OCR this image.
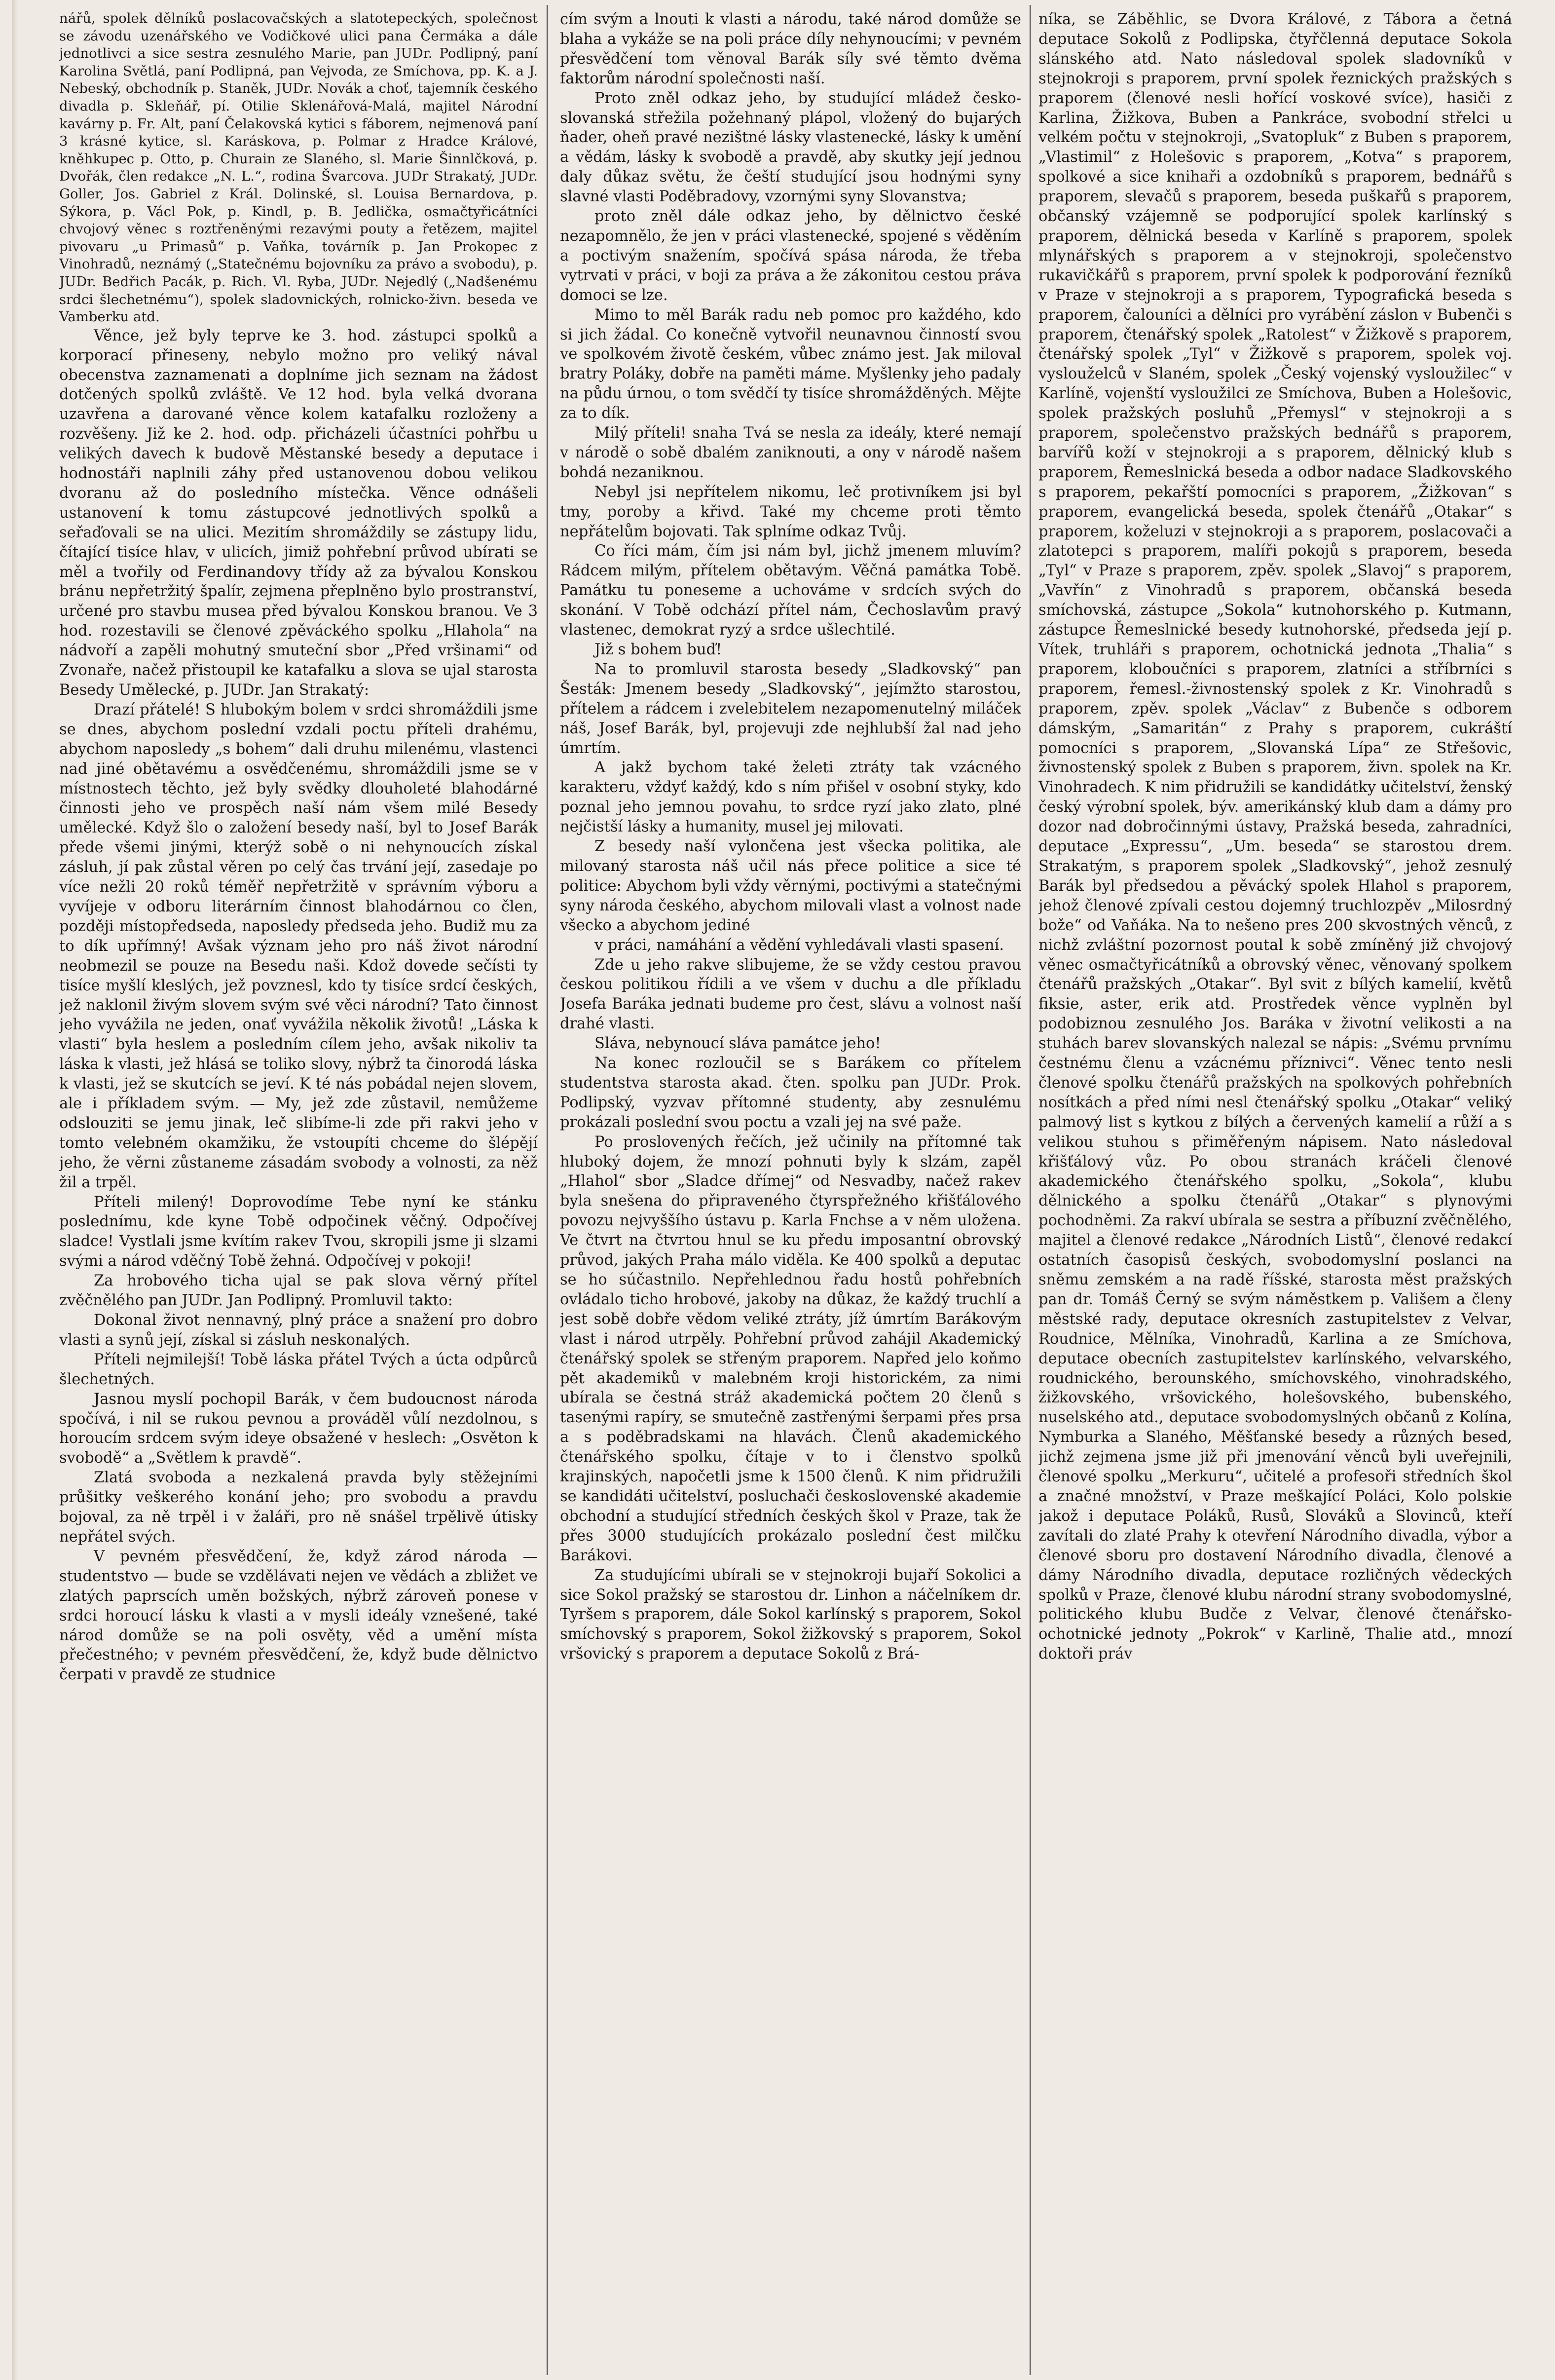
nářů, spolek dělníků poslacovačských a slatotepeckých, společnost se závodu uzenářského ve Vodičkové ulici pana Čermáka a dále jednotlivci a sice sestra zesnulého Marie, pan JUDr. Podlipný, paní Karolina Světlá, paní Podlipná, pan Vejvoda, ze Smíchova, pp. K. a J. Nebeský, obchodník p. Staněk, JUDr. Novák a choť, tajemník českého divadla p. Skleňář, pí. Otilie Sklenářová-Malá, majitel Národní kavárny p. Fr. Alt, paní Čelakovská kytici s fáborem, nejmenová paní 3 krásné kytice, sl. Karáskova, p. Polmar z Hradce Králové, kněhkupec p. Otto, p. Churain ze Slaného, sl. Marie Šinnlčková, p. Dvořák, člen redakce „N. L.“, rodina Švarcova. JUDr Strakatý, JUDr. Goller, Jos. Gabriel z Král. Dolinské, sl. Louisa Bernardova, p. Sýkora, p. Václ Pok, p. Kindl, p. B. Jedlička, osmačtyřicátníci chvojový věnec s roztřeněnými rezavými pouty a řetězem, majitel pivovaru „u Primasů“ p. Vaňka, továrník p. Jan Prokopec z Vinohradů, neznámý („Statečnému bojovníku za právo a svobodu), p. JUDr. Bedřich Pacák, p. Rich. Vl. Ryba, JUDr. Nejedlý („Nadšenému srdci šlechetnému“), spolek sladovnických, rolnicko-živn. beseda ve Vamberku atd.

Věnce, jež byly teprve ke 3. hod. zástupci spolků a korporací přineseny, nebylo možno pro veliký nával obecenstva zaznamenati a doplníme jich seznam na žádost dotčených spolků zvláště. Ve 12 hod. byla velká dvorana uzavřena a darované věnce kolem katafalku rozloženy a rozvěšeny. Již ke 2. hod. odp. přicházeli účastníci pohřbu u velikých davech k budově Městanské besedy a deputace i hodnostáři naplnili záhy před ustanovenou dobou velikou dvoranu až do posledního místečka. Věnce odnášeli ustanovení k tomu zástupcové jednotlivých spolků a seřaďovali se na ulici. Mezitím shromáždily se zástupy lidu, čítající tisíce hlav, v ulicích, jimiž pohřební průvod ubírati se měl a tvořily od Ferdinandovy třídy až za bývalou Konskou bránu nepřetržitý špalír, zejmena přeplněno bylo prostranství, určené pro stavbu musea před bývalou Konskou branou. Ve 3 hod. rozestavili se členové zpěváckého spolku „Hlahola“ na nádvoří a zapěli mohutný smuteční sbor „Před vršinami“ od Zvonaře, načež přistoupil ke katafalku a slova se ujal starosta Besedy Umělecké, p. JUDr. Jan Strakatý:

Drazí přátelé! S hlubokým bolem v srdci shromáždili jsme se dnes, abychom poslední vzdali poctu příteli drahému, abychom naposledy „s bohem“ dali druhu milenému, vlastenci nad jiné obětavému a osvědčenému, shromáždili jsme se v místnostech těchto, jež byly svědky dlouholeté blahodárné činnosti jeho ve prospěch naší nám všem milé Besedy umělecké. Když šlo o založení besedy naší, byl to Josef Barák přede všemi jinými, kterýž sobě o ni nehynoucích získal zásluh, jí pak zůstal věren po celý čas trvání její, zasedaje po více nežli 20 roků téměř nepřetržitě v správním výboru a vyvíjeje v odboru literárním činnost blahodárnou co člen, později místopředseda, naposledy předseda jeho. Budiž mu za to dík upřímný! Avšak význam jeho pro náš život národní neobmezil se pouze na Besedu naši. Kdož dovede sečísti ty tisíce myšlí kleslých, jež povznesl, kdo ty tisíce srdcí českých, jež naklonil živým slovem svým své věci národní? Tato činnost jeho vyvážila ne jeden, onať vyvážila několik životů! „Láska k vlasti“ byla heslem a posledním cílem jeho, avšak nikoliv ta láska k vlasti, jež hlásá se toliko slovy, nýbrž ta činorodá láska k vlasti, jež se skutcích se jeví. K té nás pobádal nejen slovem, ale i příkladem svým. — My, jež zde zůstavil, nemůžeme odslouziti se jemu jinak, leč slibíme-li zde při rakvi jeho v tomto velebném okamžiku, že vstoupíti chceme do šlépějí jeho, že věrni zůstaneme zásadám svobody a volnosti, za něž žil a trpěl.

Příteli milený! Doprovodíme Tebe nyní ke stánku poslednímu, kde kyne Tobě odpočinek věčný. Odpočívej sladce! Vystlali jsme kvítím rakev Tvou, skropili jsme ji slzami svými a národ vděčný Tobě žehná. Odpočívej v pokoji!

Za hrobového ticha ujal se pak slova věrný přítel zvěčnělého pan JUDr. Jan Podlipný. Promluvil takto:

Dokonal život nennavný, plný práce a snažení pro dobro vlasti a synů její, získal si zásluh neskonalých.

Příteli nejmilejší! Tobě láska přátel Tvých a úcta odpůrců šlechetných.

Jasnou myslí pochopil Barák, v čem budoucnost národa spočívá, i nil se rukou pevnou a prováděl vůlí nezdolnou, s horoucím srdcem svým ideye obsažené v heslech: „Osvěton k svobodě“ a „Světlem k pravdě“.

Zlatá svoboda a nezkalená pravda byly stěžejními průšitky veškerého konání jeho; pro svobodu a pravdu bojoval, za ně trpěl i v žaláři, pro ně snášel trpělivě útisky nepřátel svých.

V pevném přesvědčení, že, když zárod národa — studentstvo — bude se vzdělávati nejen ve vědách a zbližet ve zlatých paprscích uměn božských, nýbrž zároveň ponese v srdci horoucí lásku k vlasti a v mysli ideály vznešené, také národ domůže se na poli osvěty, věd a umění místa přečestného; v pevném přesvědčení, že, když bude dělnictvo čerpati v pravdě ze studnice

cím svým a lnouti k vlasti a národu, také národ domůže se blaha a vykáže se na poli práce díly nehynoucími; v pevném přesvědčení tom věnoval Barák síly své těmto dvěma faktorům národní společnosti naší.

Proto zněl odkaz jeho, by studující mládež česko-slovanská střežila požehnaný plápol, vložený do bujarých ňader, oheň pravé nezištné lásky vlastenecké, lásky k umění a vědám, lásky k svobodě a pravdě, aby skutky její jednou daly důkaz světu, že čeští studující jsou hodnými syny slavné vlasti Poděbradovy, vzornými syny Slovanstva;

proto zněl dále odkaz jeho, by dělnictvo české nezapomnělo, že jen v práci vlastenecké, spojené s věděním a poctivým snažením, spočívá spása národa, že třeba vytrvati v práci, v boji za práva a že zákonitou cestou práva domoci se lze.

Mimo to měl Barák radu neb pomoc pro každého, kdo si jich žádal. Co konečně vytvořil neunavnou činností svou ve spolkovém životě českém, vůbec známo jest. Jak miloval bratry Poláky, dobře na paměti máme. Myšlenky jeho padaly na půdu úrnou, o tom svědčí ty tisíce shromážděných. Mějte za to dík.

Milý příteli! snaha Tvá se nesla za ideály, které nemají v národě o sobě dbalém zaniknouti, a ony v národě našem bohdá nezaniknou.

Nebyl jsi nepřítelem nikomu, leč protivníkem jsi byl tmy, poroby a křivd. Také my chceme proti těmto nepřátelům bojovati. Tak splníme odkaz Tvůj.

Co říci mám, čím jsi nám byl, jichž jmenem mluvím? Rádcem milým, přítelem obětavým. Věčná památka Tobě. Památku tu poneseme a uchováme v srdcích svých do skonání. V Tobě odchází přítel nám, Čechoslavům pravý vlastenec, demokrat ryzý a srdce ušlechtilé.

Již s bohem buď!

Na to promluvil starosta besedy „Sladkovský“ pan Šesták: Jmenem besedy „Sladkovský“, jejímžto starostou, přítelem a rádcem i zvelebitelem nezapomenutelný miláček náš, Josef Barák, byl, projevuji zde nejhlubší žal nad jeho úmrtím.

A jakž bychom také želeti ztráty tak vzácného karakteru, vždyť každý, kdo s ním přišel v osobní styky, kdo poznal jeho jemnou povahu, to srdce ryzí jako zlato, plné nejčistší lásky a humanity, musel jej milovati.

Z besedy naší vylončena jest všecka politika, ale milovaný starosta náš učil nás přece politice a sice té politice: Abychom byli vždy věrnými, poctivými a statečnými syny národa českého, abychom milovali vlast a volnost nade všecko a abychom jediné

v práci, namáhání a vědění vyhledávali vlasti spasení.

Zde u jeho rakve slibujeme, že se vždy cestou pravou českou politikou řídili a ve všem v duchu a dle příkladu Josefa Baráka jednati budeme pro čest, slávu a volnost naší drahé vlasti.

Sláva, nebynoucí sláva památce jeho!

Na konec rozloučil se s Barákem co přítelem studentstva starosta akad. čten. spolku pan JUDr. Prok. Podlipský, vyzvav přítomné studenty, aby zesnulému prokázali poslední svou poctu a vzali jej na své paže.

Po proslovených řečích, jež učinily na přítomné tak hluboký dojem, že mnozí pohnuti byly k slzám, zapěl „Hlahol“ sbor „Sladce dřímej“ od Nesvadby, načež rakev byla snešena do připraveného čtyrspřežného křišťálového povozu nejvyššího ústavu p. Karla Fnchse a v něm uložena. Ve čtvrt na čtvrtou hnul se ku předu imposantní obrovský průvod, jakých Praha málo viděla. Ke 400 spolků a deputac se ho súčastnilo. Nepřehlednou řadu hostů pohřebních ovládalo ticho hrobové, jakoby na důkaz, že každý truchlí a jest sobě dobře vědom veliké ztráty, jíž úmrtím Barákovým vlast i národ utrpěly. Pohřební průvod zahájil Akademický čtenářský spolek se střeným praporem. Napřed jelo koňmo pět akademiků v malebném kroji historickém, za nimi ubírala se čestná stráž akademická počtem 20 členů s tasenými rapíry, se smutečně zastřenými šerpami přes prsa a s poděbradskami na hlavách. Členů akademického čtenářského spolku, čítaje v to i členstvo spolků krajinských, napočetli jsme k 1500 členů. K nim přidružili se kandidáti učitelství, posluchači československé akademie obchodní a studující středních českých škol v Praze, tak že přes 3000 studujících prokázalo poslední čest milčku Barákovi.

Za studujícími ubírali se v stejnokroji bujaří Sokolici a sice Sokol pražský se starostou dr. Linhon a náčelníkem dr. Tyršem s praporem, dále Sokol karlínský s praporem, Sokol smíchovský s praporem, Sokol žižkovský s praporem, Sokol vršovický s praporem a deputace Sokolů z Brá-

níka, se Záběhlic, se Dvora Králové, z Tábora a četná deputace Sokolů z Podlipska, čtyřčlenná deputace Sokola slánského atd. Nato následoval spolek sladovníků v stejnokroji s praporem, první spolek řeznických pražských s praporem (členové nesli hořící voskové svíce), hasiči z Karlina, Žižkova, Buben a Pankráce, svobodní střelci u velkém počtu v stejnokroji, „Svatopluk“ z Buben s praporem, „Vlastimil“ z Holešovic s praporem, „Kotva“ s praporem, spolkové a sice knihaři a ozdobníků s praporem, bednářů s praporem, slevačů s praporem, beseda puškařů s praporem, občanský vzájemně se podporující spolek karlínský s praporem, dělnická beseda v Karlíně s praporem, spolek mlynářských s praporem a v stejnokroji, společenstvo rukavičkářů s praporem, první spolek k podporování řezníků v Praze v stejnokroji a s praporem, Typografická beseda s praporem, čalouníci a dělníci pro vyrábění záslon v Bubenči s praporem, čtenářský spolek „Ratolest“ v Žižkově s praporem, čtenářský spolek „Tyl“ v Žižkově s praporem, spolek voj. vyslouželců v Slaném, spolek „Český vojenský vysloužilec“ v Karlíně, vojenští vysloužilci ze Smíchova, Buben a Holešovic, spolek pražských posluhů „Přemysl“ v stejnokroji a s praporem, společenstvo pražských bednářů s praporem, barvířů koží v stejnokroji a s praporem, dělnický klub s praporem, Řemeslnická beseda a odbor nadace Sladkovského s praporem, pekařští pomocníci s praporem, „Žižkovan“ s praporem, evangelická beseda, spolek čtenářů „Otakar“ s praporem, koželuzi v stejnokroji a s praporem, poslacovači a zlatotepci s praporem, malíři pokojů s praporem, beseda „Tyl“ v Praze s praporem, zpěv. spolek „Slavoj“ s praporem, „Vavřín“ z Vinohradů s praporem, občanská beseda smíchovská, zástupce „Sokola“ kutnohorského p. Kutmann, zástupce Řemeslnické besedy kutnohorské, předseda její p. Vítek, truhláři s praporem, ochotnická jednota „Thalia“ s praporem, kloboučníci s praporem, zlatníci a stříbrníci s praporem, řemesl.-živnostenský spolek z Kr. Vinohradů s praporem, zpěv. spolek „Václav“ z Bubenče s odborem dámským, „Samaritán“ z Prahy s praporem, cukráští pomocníci s praporem, „Slovanská Lípa“ ze Střešovic, živnostenský spolek z Buben s praporem, živn. spolek na Kr. Vinohradech. K nim přidružili se kandidátky učitelství, ženský český výrobní spolek, býv. amerikánský klub dam a dámy pro dozor nad dobročinnými ústavy, Pražská beseda, zahradníci, deputace „Expressu“, „Um. beseda“ se starostou drem. Strakatým, s praporem spolek „Sladkovský“, jehož zesnulý Barák byl předsedou a pěvácký spolek Hlahol s praporem, jehož členové zpívali cestou dojemný truchlozpěv „Milosrdný bože“ od Vaňáka. Na to nešeno pres 200 skvostných věnců, z nichž zvláštní pozornost poutal k sobě zmíněný již chvojový věnec osmačtyřicátníků a obrovský věnec, věnovaný spolkem čtenářů pražských „Otakar“. Byl svit z bílých kamelií, květů fiksie, aster, erik atd. Prostředek věnce vyplněn byl podobiznou zesnulého Jos. Baráka v životní velikosti a na stuhách barev slovanských nalezal se nápis: „Svému prvnímu čestnému členu a vzácnému příznivci“. Věnec tento nesli členové spolku čtenářů pražských na spolkových pohřebních nosítkách a před ními nesl čtenářský spolku „Otakar“ veliký palmový list s kytkou z bílých a červených kamelií a růží a s velikou stuhou s přiměřeným nápisem. Nato následoval křišťálový vůz. Po obou stranách kráčeli členové akademického čtenářského spolku, „Sokola“, klubu dělnického a spolku čtenářů „Otakar“ s plynovými pochodněmi. Za rakví ubírala se sestra a příbuzní zvěčnělého, majitel a členové redakce „Národních Listů“, členové redakcí ostatních časopisů českých, svobodomyslní poslanci na sněmu zemském a na radě říšské, starosta měst pražských pan dr. Tomáš Černý se svým náměstkem p. Vališem a členy městské rady, deputace okresních zastupitelstev z Velvar, Roudnice, Mělníka, Vinohradů, Karlina a ze Smíchova, deputace obecních zastupitelstev karlínského, velvarského, roudnického, berounského, smíchovského, vinohradského, žižkovského, vršovického, holešovského, bubenského, nuselského atd., deputace svobodomyslných občanů z Kolína, Nymburka a Slaného, Měšťanské besedy a různých besed, jichž zejmena jsme již při jmenování věnců byli uveřejnili, členové spolku „Merkuru“, učitelé a profesoři středních škol a značné množství, v Praze meškající Poláci, Kolo polskie jakož i deputace Poláků, Rusů, Slováků a Slovinců, kteří zavítali do zlaté Prahy k otevření Národního divadla, výbor a členové sboru pro dostavení Národního divadla, členové a dámy Národního divadla, deputace rozličných vědeckých spolků v Praze, členové klubu národní strany svobodomyslné, politického klubu Budče z Velvar, členové čtenářsko-ochotnické jednoty „Pokrok“ v Karlině, Thalie atd., mnozí doktoři práv
